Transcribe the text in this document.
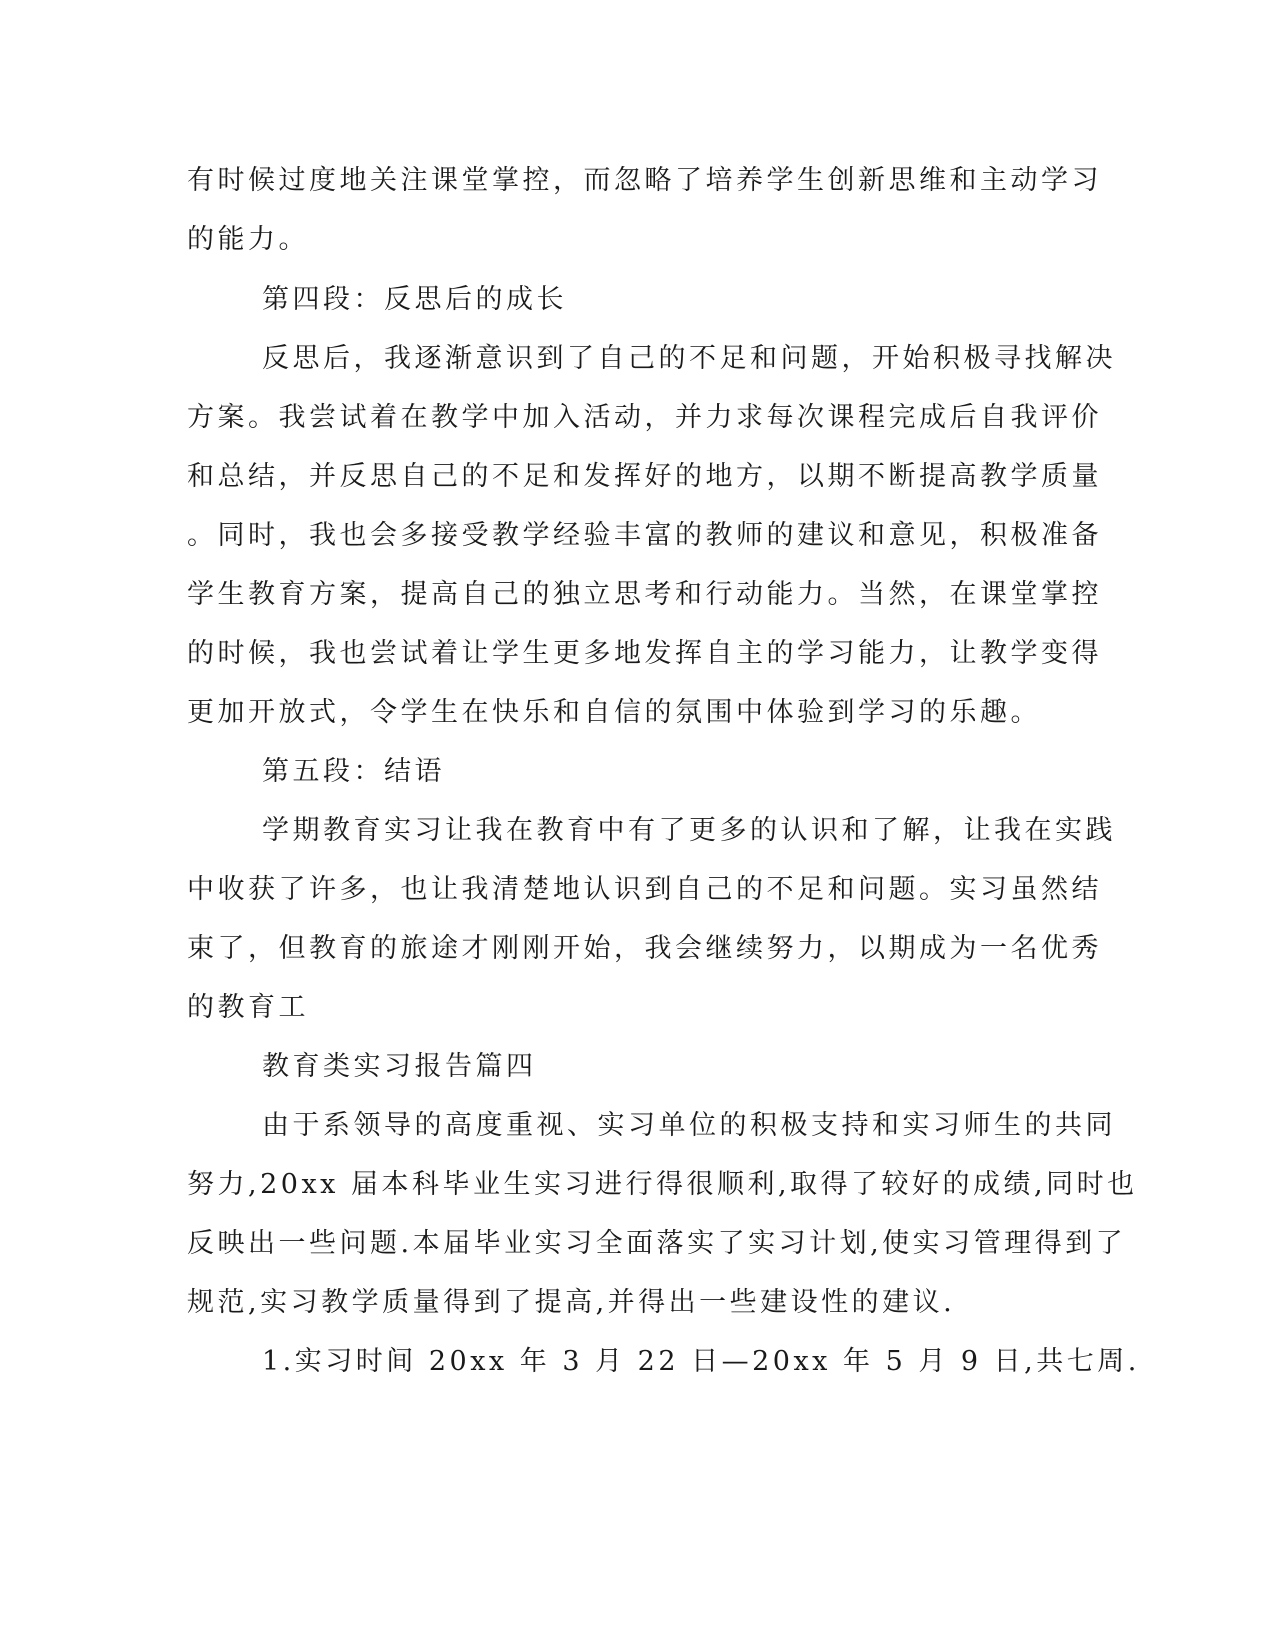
有时候过度地关注课堂掌控，而忽略了培养学生创新思维和主动学习
的能力。
第四段：反思后的成长
反思后，我逐渐意识到了自己的不足和问题，开始积极寻找解决
方案。我尝试着在教学中加入活动，并力求每次课程完成后自我评价
和总结，并反思自己的不足和发挥好的地方，以期不断提高教学质量
。同时，我也会多接受教学经验丰富的教师的建议和意见，积极准备
学生教育方案，提高自己的独立思考和行动能力。当然，在课堂掌控
的时候，我也尝试着让学生更多地发挥自主的学习能力，让教学变得
更加开放式，令学生在快乐和自信的氛围中体验到学习的乐趣。
第五段：结语
学期教育实习让我在教育中有了更多的认识和了解，让我在实践
中收获了许多，也让我清楚地认识到自己的不足和问题。实习虽然结
束了，但教育的旅途才刚刚开始，我会继续努力，以期成为一名优秀
的教育工
教育类实习报告篇四
由于系领导的高度重视、实习单位的积极支持和实习师生的共同
努力,20xx 届本科毕业生实习进行得很顺利,取得了较好的成绩,同时也
反映出一些问题.本届毕业实习全面落实了实习计划,使实习管理得到了
规范,实习教学质量得到了提高,并得出一些建设性的建议.
1.实习时间 20xx 年 3 月 22 日—20xx 年 5 月 9 日,共七周.
